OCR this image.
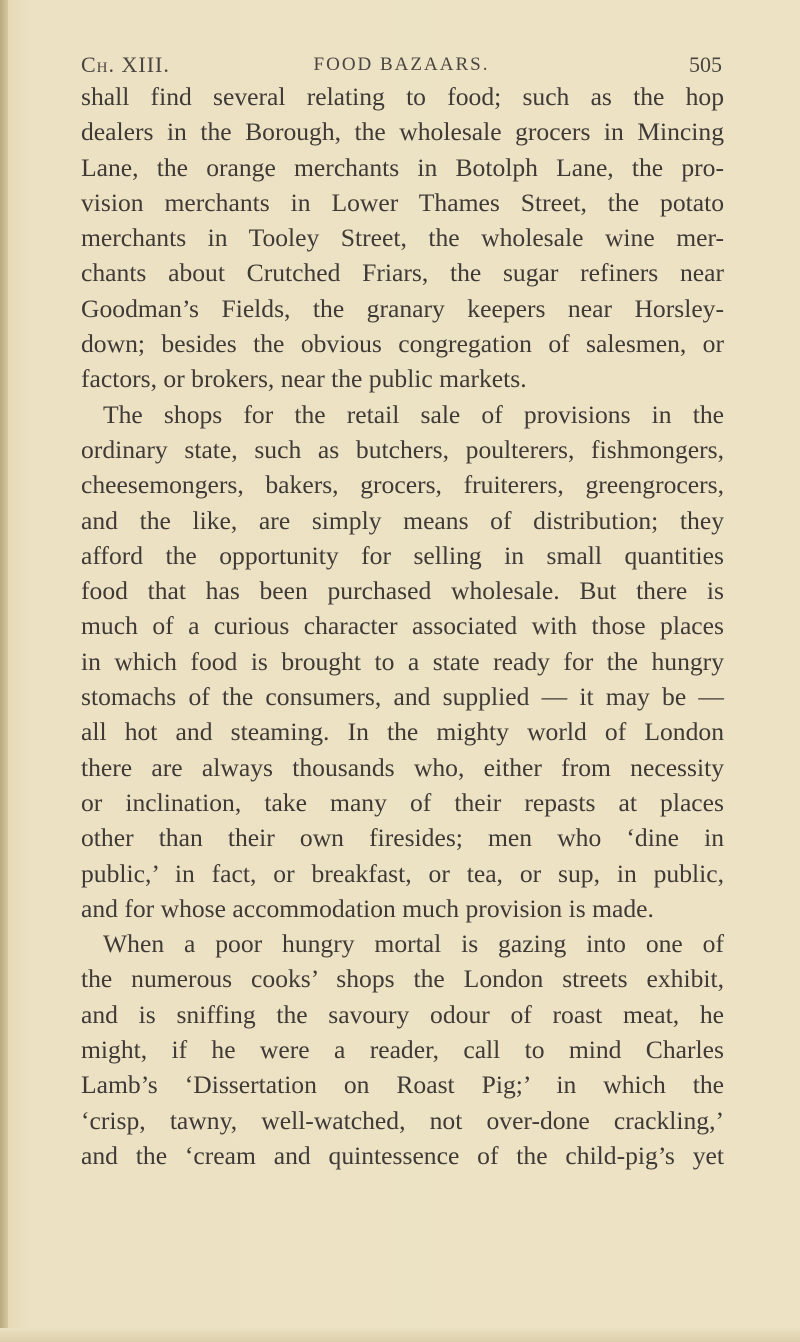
Ch. XIII.	FOOD BAZAARS.	505
shall find several relating to food; such as the hop
dealers in the Borough, the wholesale grocers in Mincing
Lane, the orange merchants in Botolph Lane, the pro-
vision merchants in Lower Thames Street, the potato
merchants in Tooley Street, the wholesale wine mer-
chants about Crutched Friars, the sugar refiners near
Goodman’s Fields, the granary keepers near Horsley-
down; besides the obvious congregation of salesmen, or
factors, or brokers, near the public markets.
The shops for the retail sale of provisions in the
ordinary state, such as butchers, poulterers, fishmongers,
cheesemongers, bakers, grocers, fruiterers, greengrocers,
and the like, are simply means of distribution; they
afford the opportunity for selling in small quantities
food that has been purchased wholesale. But there is
much of a curious character associated with those places
in which food is brought to a state ready for the hungry
stomachs of the consumers, and supplied — it may be —
all hot and steaming. In the mighty world of London
there are always thousands who, either from necessity
or inclination, take many of their repasts at places
other than their own firesides; men who ‘dine in
public,’ in fact, or breakfast, or tea, or sup, in public,
and for whose accommodation much provision is made.
When a poor hungry mortal is gazing into one of
the numerous cooks’ shops the London streets exhibit,
and is sniffing the savoury odour of roast meat, he
might, if he were a reader, call to mind Charles
Lamb’s ‘Dissertation on Roast Pig;’ in which the
‘crisp, tawny, well-watched, not over-done crackling,’
and the ‘cream and quintessence of the child-pig’s yet
